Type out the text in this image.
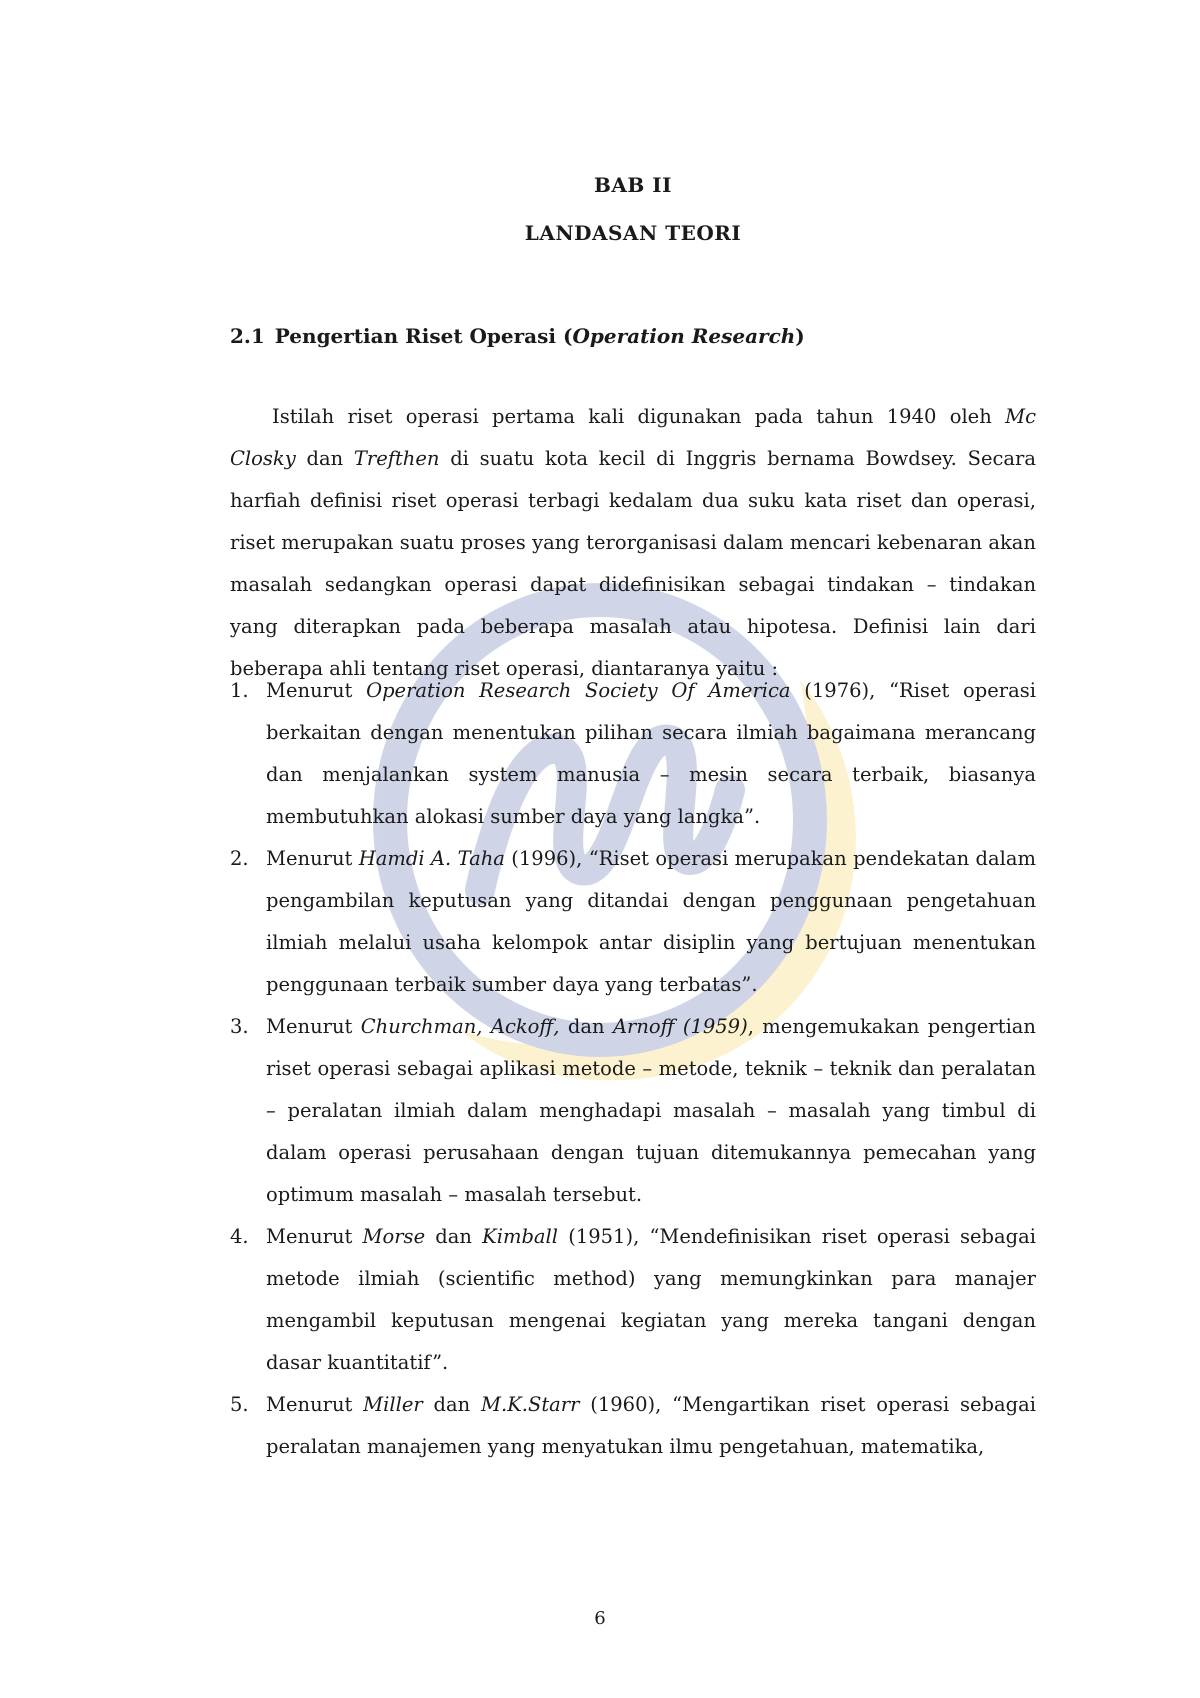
BAB II
LANDASAN TEORI
2.1 Pengertian Riset Operasi (Operation Research)

Istilah riset operasi pertama kali digunakan pada tahun 1940 oleh Mc Closky dan Trefthen di suatu kota kecil di Inggris bernama Bowdsey. Secara harfiah definisi riset operasi terbagi kedalam dua suku kata riset dan operasi, riset merupakan suatu proses yang terorganisasi dalam mencari kebenaran akan masalah sedangkan operasi dapat didefinisikan sebagai tindakan – tindakan yang diterapkan pada beberapa masalah atau hipotesa. Definisi lain dari beberapa ahli tentang riset operasi, diantaranya yaitu :

1. Menurut Operation Research Society Of America (1976), “Riset operasi berkaitan dengan menentukan pilihan secara ilmiah bagaimana merancang dan menjalankan system manusia – mesin secara terbaik, biasanya membutuhkan alokasi sumber daya yang langka”.
2. Menurut Hamdi A. Taha (1996), “Riset operasi merupakan pendekatan dalam pengambilan keputusan yang ditandai dengan penggunaan pengetahuan ilmiah melalui usaha kelompok antar disiplin yang bertujuan menentukan penggunaan terbaik sumber daya yang terbatas”.
3. Menurut Churchman, Ackoff, dan Arnoff (1959), mengemukakan pengertian riset operasi sebagai aplikasi metode – metode, teknik – teknik dan peralatan – peralatan ilmiah dalam menghadapi masalah – masalah yang timbul di dalam operasi perusahaan dengan tujuan ditemukannya pemecahan yang optimum masalah – masalah tersebut.
4. Menurut Morse dan Kimball (1951), “Mendefinisikan riset operasi sebagai metode ilmiah (scientific method) yang memungkinkan para manajer mengambil keputusan mengenai kegiatan yang mereka tangani dengan dasar kuantitatif”.
5. Menurut Miller dan M.K.Starr (1960), “Mengartikan riset operasi sebagai peralatan manajemen yang menyatukan ilmu pengetahuan, matematika,
6
